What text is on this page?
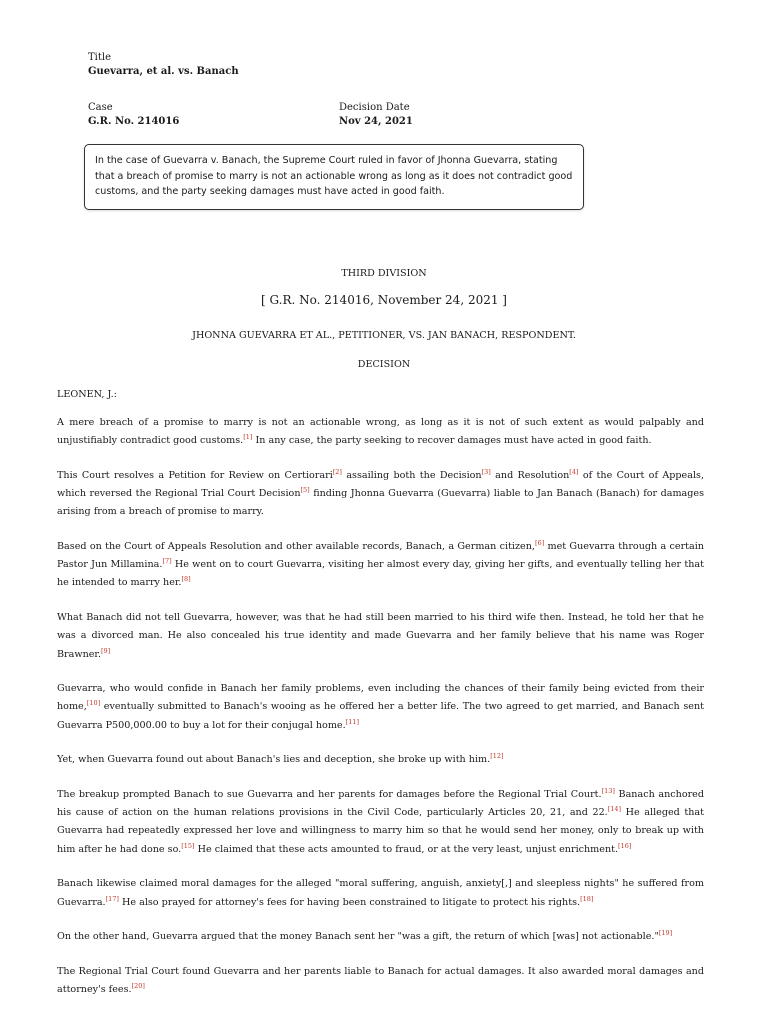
Title
Guevarra, et al. vs. Banach
Case
G.R. No. 214016
Decision Date
Nov 24, 2021
In the case of Guevarra v. Banach, the Supreme Court ruled in favor of Jhonna Guevarra, stating that a breach of promise to marry is not an actionable wrong as long as it does not contradict good customs, and the party seeking damages must have acted in good faith.
THIRD DIVISION
[ G.R. No. 214016, November 24, 2021 ]
JHONNA GUEVARRA ET AL., PETITIONER, VS. JAN BANACH, RESPONDENT.
DECISION
LEONEN, J.:

A mere breach of a promise to marry is not an actionable wrong, as long as it is not of such extent as would palpably and unjustifiably contradict good customs.[1] In any case, the party seeking to recover damages must have acted in good faith.

This Court resolves a Petition for Review on Certiorari[2] assailing both the Decision[3] and Resolution[4] of the Court of Appeals, which reversed the Regional Trial Court Decision[5] finding Jhonna Guevarra (Guevarra) liable to Jan Banach (Banach) for damages arising from a breach of promise to marry.

Based on the Court of Appeals Resolution and other available records, Banach, a German citizen,[6] met Guevarra through a certain Pastor Jun Millamina.[7] He went on to court Guevarra, visiting her almost every day, giving her gifts, and eventually telling her that he intended to marry her.[8]

What Banach did not tell Guevarra, however, was that he had still been married to his third wife then. Instead, he told her that he was a divorced man. He also concealed his true identity and made Guevarra and her family believe that his name was Roger Brawner.[9]

Guevarra, who would confide in Banach her family problems, even including the chances of their family being evicted from their home,[10] eventually submitted to Banach's wooing as he offered her a better life. The two agreed to get married, and Banach sent Guevarra P500,000.00 to buy a lot for their conjugal home.[11]

Yet, when Guevarra found out about Banach's lies and deception, she broke up with him.[12]

The breakup prompted Banach to sue Guevarra and her parents for damages before the Regional Trial Court.[13] Banach anchored his cause of action on the human relations provisions in the Civil Code, particularly Articles 20, 21, and 22.[14] He alleged that Guevarra had repeatedly expressed her love and willingness to marry him so that he would send her money, only to break up with him after he had done so.[15] He claimed that these acts amounted to fraud, or at the very least, unjust enrichment.[16]

Banach likewise claimed moral damages for the alleged "moral suffering, anguish, anxiety[,] and sleepless nights" he suffered from Guevarra.[17] He also prayed for attorney's fees for having been constrained to litigate to protect his rights.[18]

On the other hand, Guevarra argued that the money Banach sent her "was a gift, the return of which [was] not actionable."[19]

The Regional Trial Court found Guevarra and her parents liable to Banach for actual damages. It also awarded moral damages and attorney's fees.[20]
